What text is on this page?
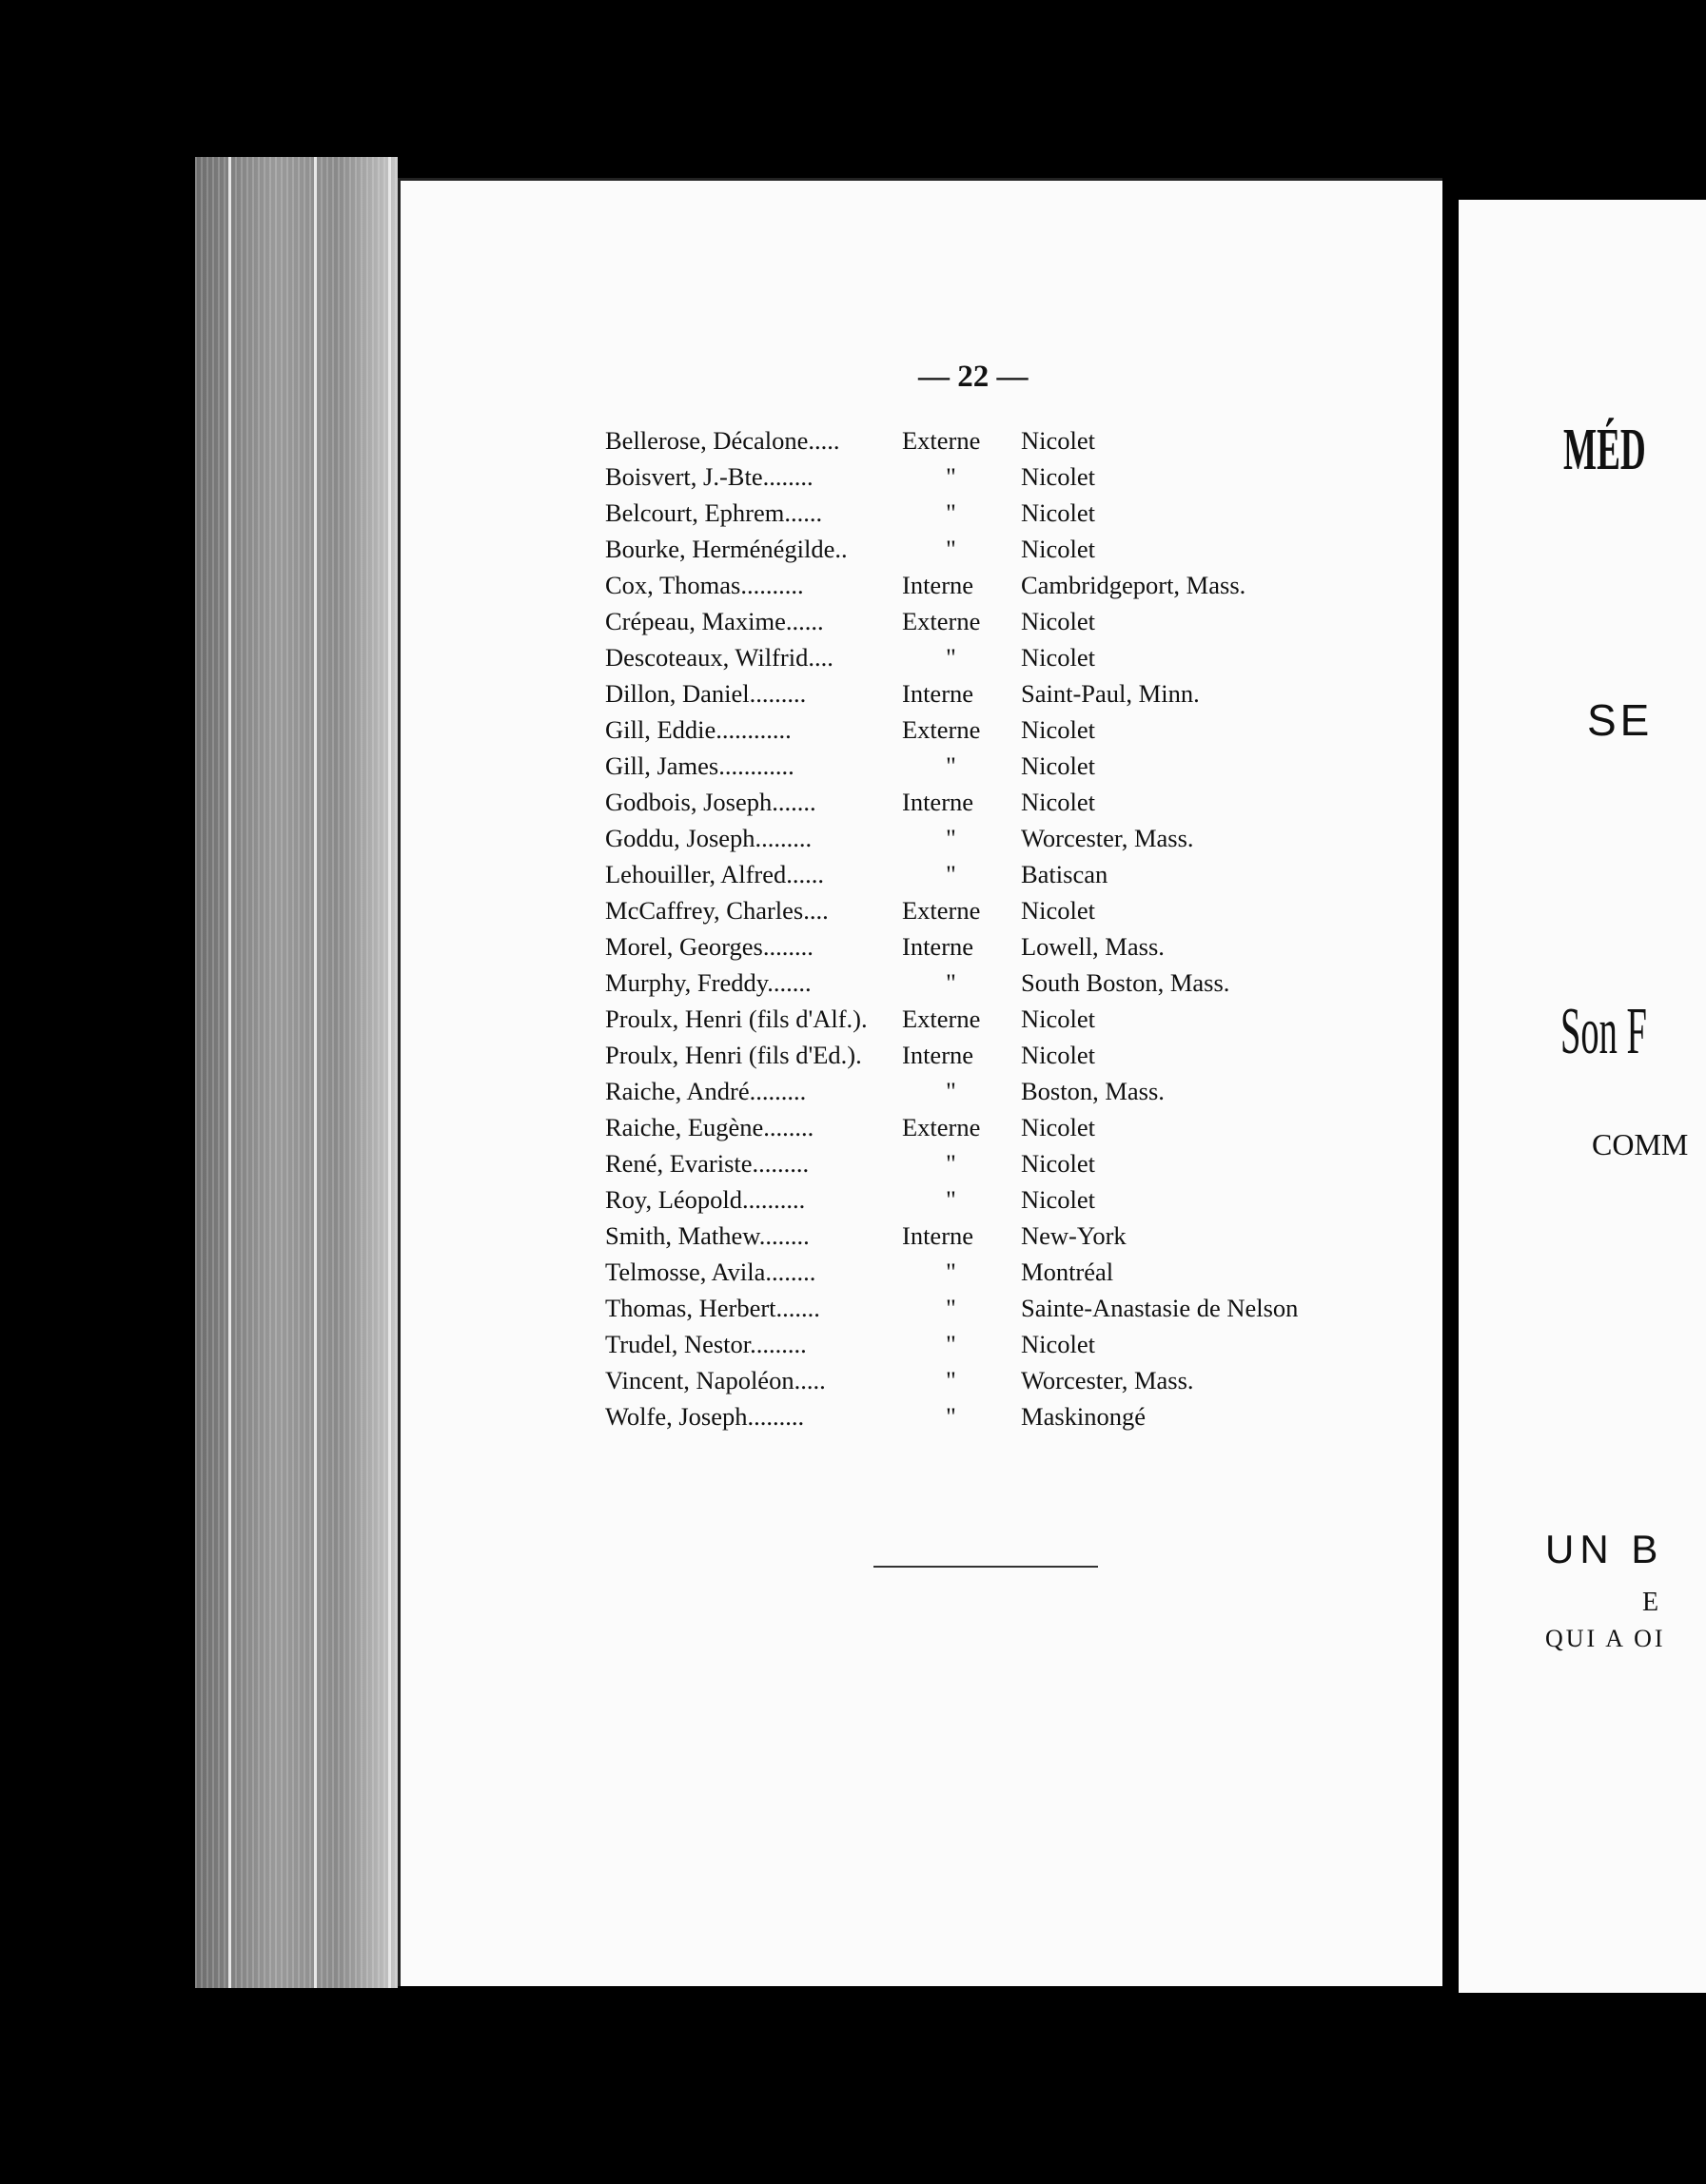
— 22 —
Bellerose, Décalone..... Externe Nicolet
Boisvert, J.-Bte........	"	Nicolet
Belcourt, Ephrem......	"	Nicolet
Bourke, Herménégilde..	"	Nicolet
Cox, Thomas..........	Interne Cambridgeport, Mass.
Crépeau, Maxime......	Externe Nicolet
Descoteaux, Wilfrid....	"	Nicolet
Dillon, Daniel.........	Interne Saint-Paul, Minn.
Gill, Eddie............	Externe Nicolet
Gill, James............	"	Nicolet
Godbois, Joseph.......	Interne Nicolet
Goddu, Joseph.........	"	Worcester, Mass.
Lehouiller, Alfred......	"	Batiscan
McCaffrey, Charles....	Externe Nicolet
Morel, Georges........	Interne Lowell, Mass.
Murphy, Freddy.......	"	South Boston, Mass.
Proulx, Henri (fils d'Alf.). Externe Nicolet
Proulx, Henri (fils d'Ed.). Interne Nicolet
Raiche, André.........	"	Boston, Mass.
Raiche, Eugène........	Externe Nicolet
René, Evariste.........	"	Nicolet
Roy, Léopold..........	"	Nicolet
Smith, Mathew........	Interne New-York
Telmosse, Avila........	"	Montréal
Thomas, Herbert.......	"	Sainte-Anastasie de Nelson
Trudel, Nestor.........	"	Nicolet
Vincent, Napoléon.....	"	Worcester, Mass.
Wolfe, Joseph.........	"	Maskinongé
MÉD
SE
Son F
COMM
UN B
E
QUI A OI
